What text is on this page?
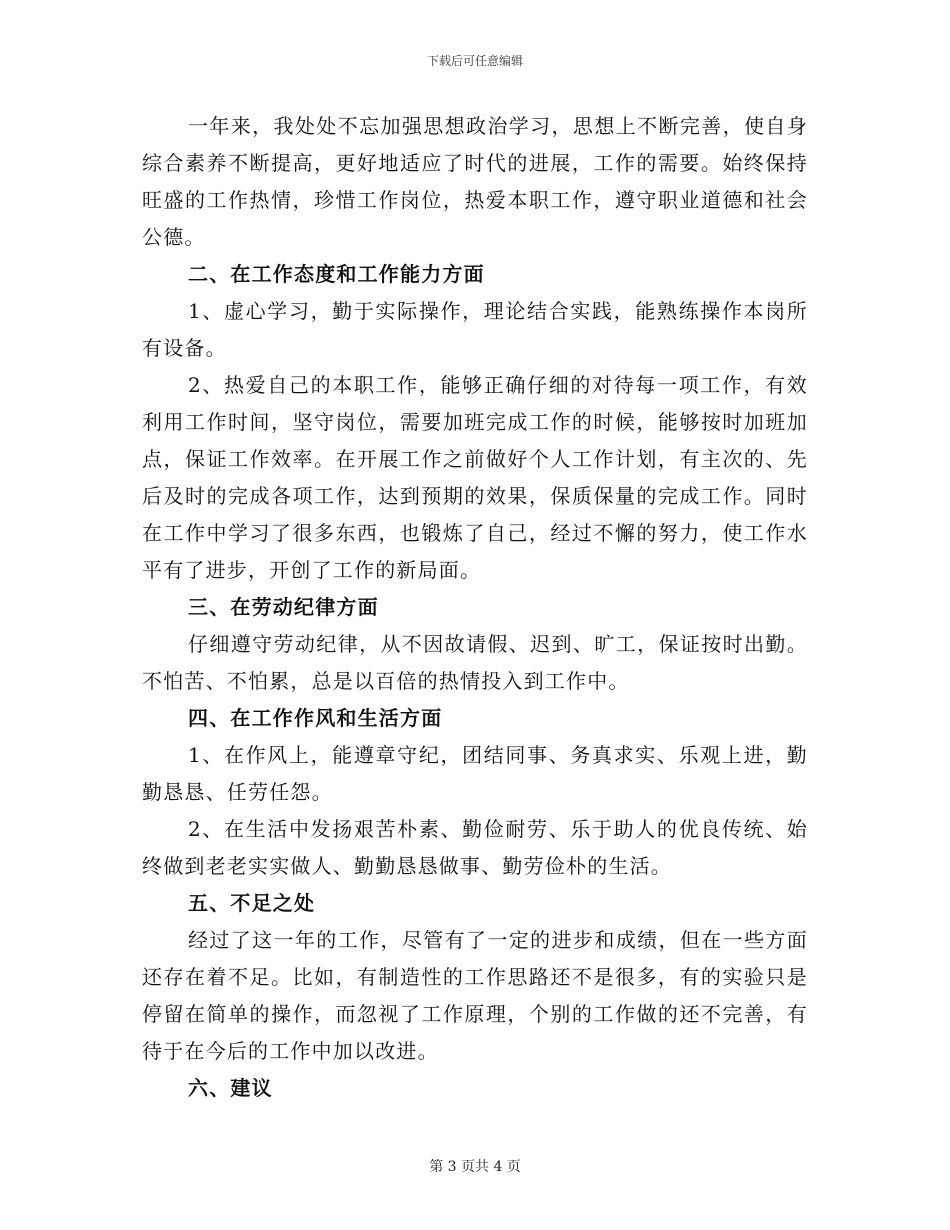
下载后可任意编辑

一年来，我处处不忘加强思想政治学习，思想上不断完善，使自身综合素养不断提高，更好地适应了时代的进展，工作的需要。始终保持旺盛的工作热情，珍惜工作岗位，热爱本职工作，遵守职业道德和社会公德。

二、在工作态度和工作能力方面

1、虚心学习，勤于实际操作，理论结合实践，能熟练操作本岗所有设备。

2、热爱自己的本职工作，能够正确仔细的对待每一项工作，有效利用工作时间，坚守岗位，需要加班完成工作的时候，能够按时加班加点，保证工作效率。在开展工作之前做好个人工作计划，有主次的、先后及时的完成各项工作，达到预期的效果，保质保量的完成工作。同时在工作中学习了很多东西，也锻炼了自己，经过不懈的努力，使工作水平有了进步，开创了工作的新局面。

三、在劳动纪律方面

仔细遵守劳动纪律，从不因故请假、迟到、旷工，保证按时出勤。不怕苦、不怕累，总是以百倍的热情投入到工作中。

四、在工作作风和生活方面

1、在作风上，能遵章守纪，团结同事、务真求实、乐观上进，勤勤恳恳、任劳任怨。

2、在生活中发扬艰苦朴素、勤俭耐劳、乐于助人的优良传统、始终做到老老实实做人、勤勤恳恳做事、勤劳俭朴的生活。

五、不足之处

经过了这一年的工作，尽管有了一定的进步和成绩，但在一些方面还存在着不足。比如，有制造性的工作思路还不是很多，有的实验只是停留在简单的操作，而忽视了工作原理，个别的工作做的还不完善，有待于在今后的工作中加以改进。

六、建议

第 3 页共 4 页
